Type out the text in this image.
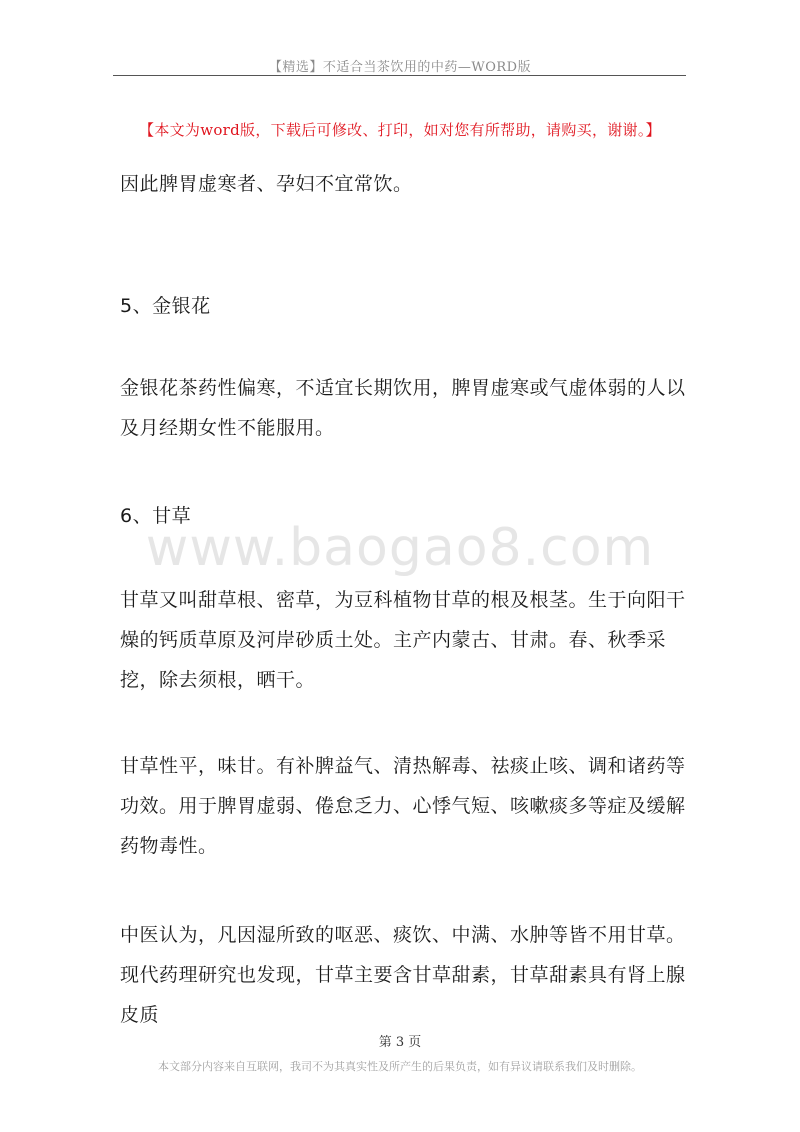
【精选】不适合当茶饮用的中药—WORD版
【本文为word版，下载后可修改、打印，如对您有所帮助，请购买，谢谢。】

因此脾胃虚寒者、孕妇不宜常饮。

5、金银花

金银花茶药性偏寒，不适宜长期饮用，脾胃虚寒或气虚体弱的人以及月经期女性不能服用。

6、甘草

www.baogao8.com

甘草又叫甜草根、密草，为豆科植物甘草的根及根茎。生于向阳干燥的钙质草原及河岸砂质土处。主产内蒙古、甘肃。春、秋季采挖，除去须根，晒干。

甘草性平，味甘。有补脾益气、清热解毒、祛痰止咳、调和诸药等功效。用于脾胃虚弱、倦怠乏力、心悸气短、咳嗽痰多等症及缓解药物毒性。

中医认为，凡因湿所致的呕恶、痰饮、中满、水肿等皆不用甘草。现代药理研究也发现，甘草主要含甘草甜素，甘草甜素具有肾上腺皮质

第 3 页
本文部分内容来自互联网，我司不为其真实性及所产生的后果负责，如有异议请联系我们及时删除。
